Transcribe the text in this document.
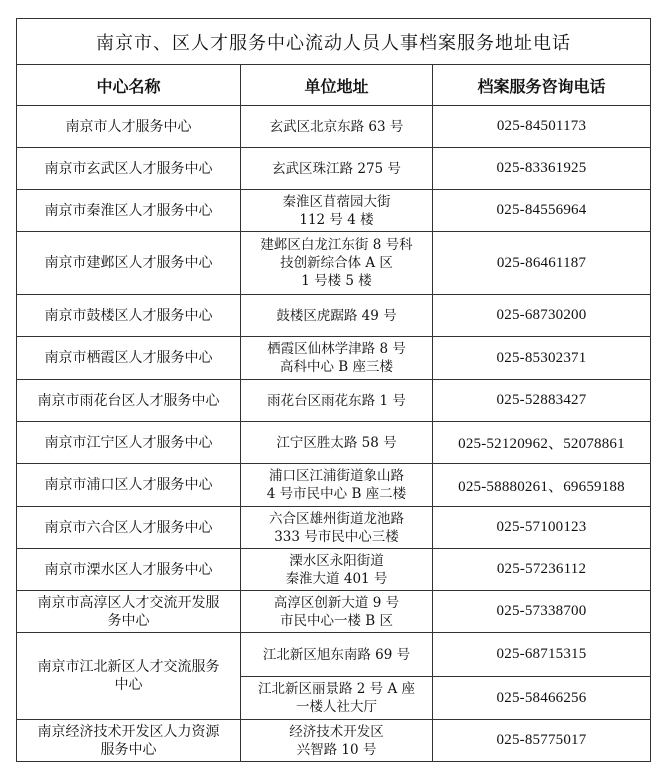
南京市、区人才服务中心流动人员人事档案服务地址电话		
中心名称	单位地址	档案服务咨询电话
南京市人才服务中心	玄武区北京东路 63 号	025-84501173
南京市玄武区人才服务中心	玄武区珠江路 275 号	025-83361925
南京市秦淮区人才服务中心	秦淮区苜蓿园大街
112 号 4 楼	025-84556964
南京市建邺区人才服务中心	建邺区白龙江东街 8 号科
技创新综合体 A 区
1 号楼 5 楼	025-86461187
南京市鼓楼区人才服务中心	鼓楼区虎踞路 49 号	025-68730200
南京市栖霞区人才服务中心	栖霞区仙林学津路 8 号
高科中心 B 座三楼	025-85302371
南京市雨花台区人才服务中心	雨花台区雨花东路 1 号	025-52883427
南京市江宁区人才服务中心	江宁区胜太路 58 号	025-52120962、52078861
南京市浦口区人才服务中心	浦口区江浦街道象山路
4 号市民中心 B 座二楼	025-58880261、69659188
南京市六合区人才服务中心	六合区雄州街道龙池路
333 号市民中心三楼	025-57100123
南京市溧水区人才服务中心	溧水区永阳街道
秦淮大道 401 号	025-57236112
南京市高淳区人才交流开发服
务中心	高淳区创新大道 9 号
市民中心一楼 B 区	025-57338700
南京市江北新区人才交流服务
中心	江北新区旭东南路 69 号	025-68715315
	江北新区丽景路 2 号 A 座
一楼人社大厅	025-58466256
南京经济技术开发区人力资源
服务中心	经济技术开发区
兴智路 10 号	025-85775017
